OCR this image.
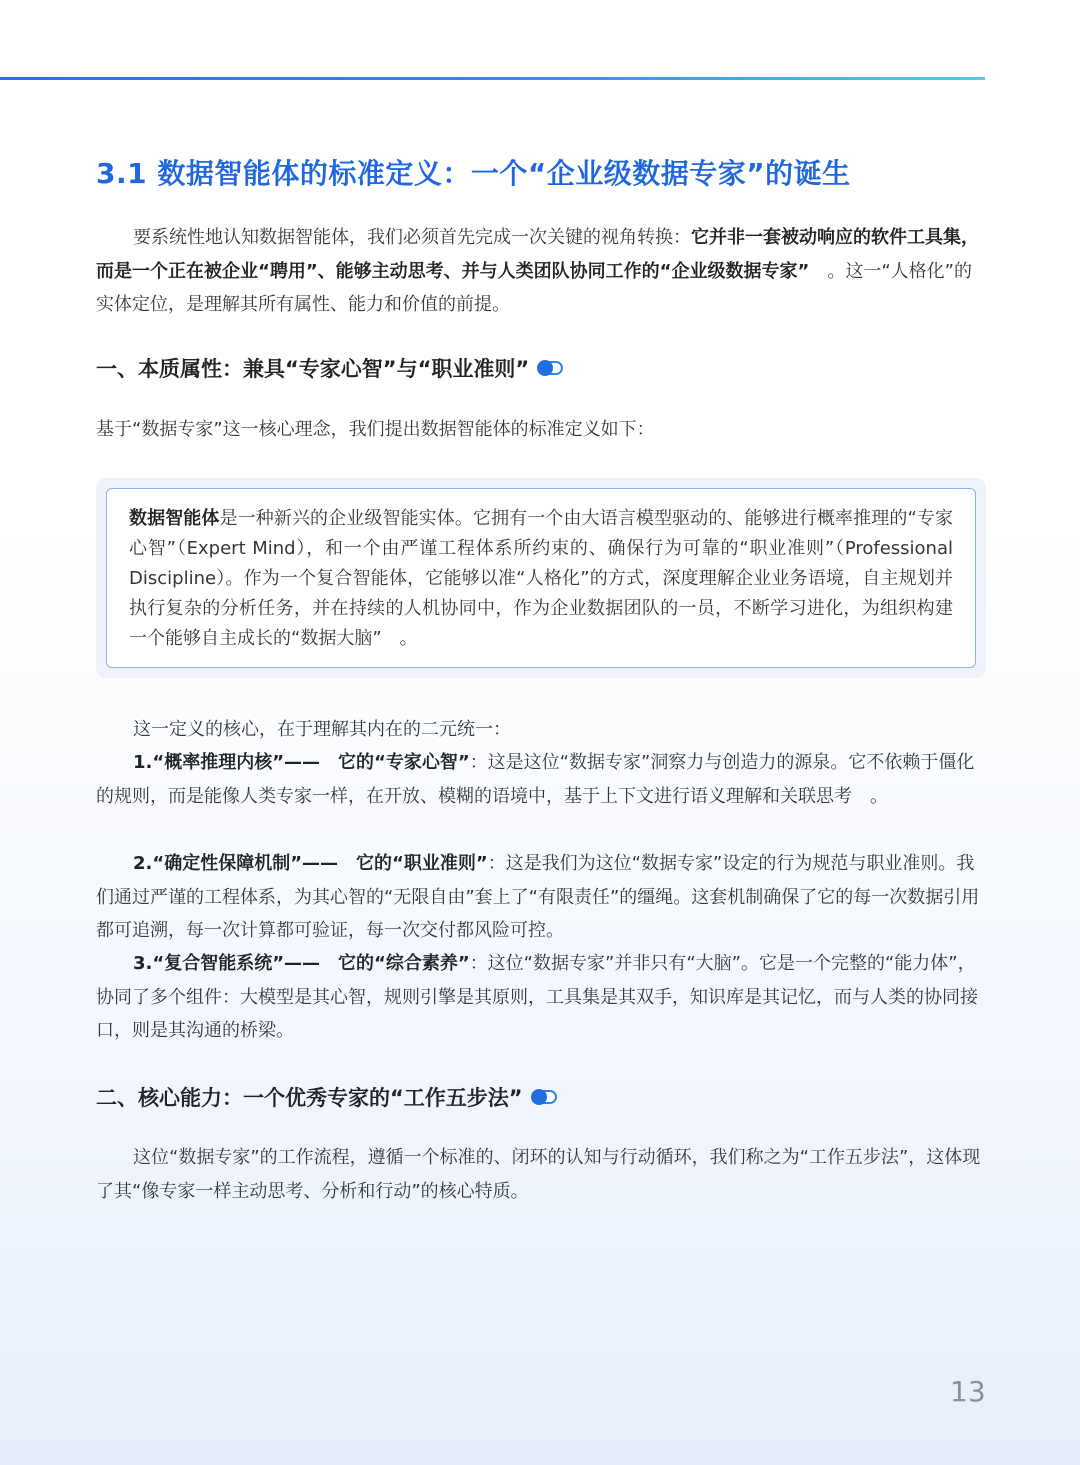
3.1 数据智能体的标准定义：一个“企业级数据专家”的诞生

要系统性地认知数据智能体，我们必须首先完成一次关键的视角转换：它并非一套被动响应的软件工具集，而是一个正在被企业“聘用”、能够主动思考、并与人类团队协同工作的“企业级数据专家”　。这一“人格化”的实体定位，是理解其所有属性、能力和价值的前提。

一、本质属性：兼具“专家心智”与“职业准则”

基于“数据专家”这一核心理念，我们提出数据智能体的标准定义如下：

数据智能体是一种新兴的企业级智能实体。它拥有一个由大语言模型驱动的、能够进行概率推理的“专家心智”（Expert Mind），和一个由严谨工程体系所约束的、确保行为可靠的“职业准则”（Professional Discipline）。作为一个复合智能体，它能够以准“人格化”的方式，深度理解企业业务语境，自主规划并执行复杂的分析任务，并在持续的人机协同中，作为企业数据团队的一员，不断学习进化，为组织构建一个能够自主成长的“数据大脑”　。

这一定义的核心，在于理解其内在的二元统一：

1.“概率推理内核”——　它的“专家心智”：这是这位“数据专家”洞察力与创造力的源泉。它不依赖于僵化的规则，而是能像人类专家一样，在开放、模糊的语境中，基于上下文进行语义理解和关联思考　。

2.“确定性保障机制”——　它的“职业准则”：这是我们为这位“数据专家”设定的行为规范与职业准则。我们通过严谨的工程体系，为其心智的“无限自由”套上了“有限责任”的缰绳。这套机制确保了它的每一次数据引用都可追溯，每一次计算都可验证，每一次交付都风险可控。

3.“复合智能系统”——　它的“综合素养”：这位“数据专家”并非只有“大脑”。它是一个完整的“能力体”，协同了多个组件：大模型是其心智，规则引擎是其原则，工具集是其双手，知识库是其记忆，而与人类的协同接口，则是其沟通的桥梁。

二、核心能力：一个优秀专家的“工作五步法”

这位“数据专家”的工作流程，遵循一个标准的、闭环的认知与行动循环，我们称之为“工作五步法”，这体现了其“像专家一样主动思考、分析和行动”的核心特质。

13
